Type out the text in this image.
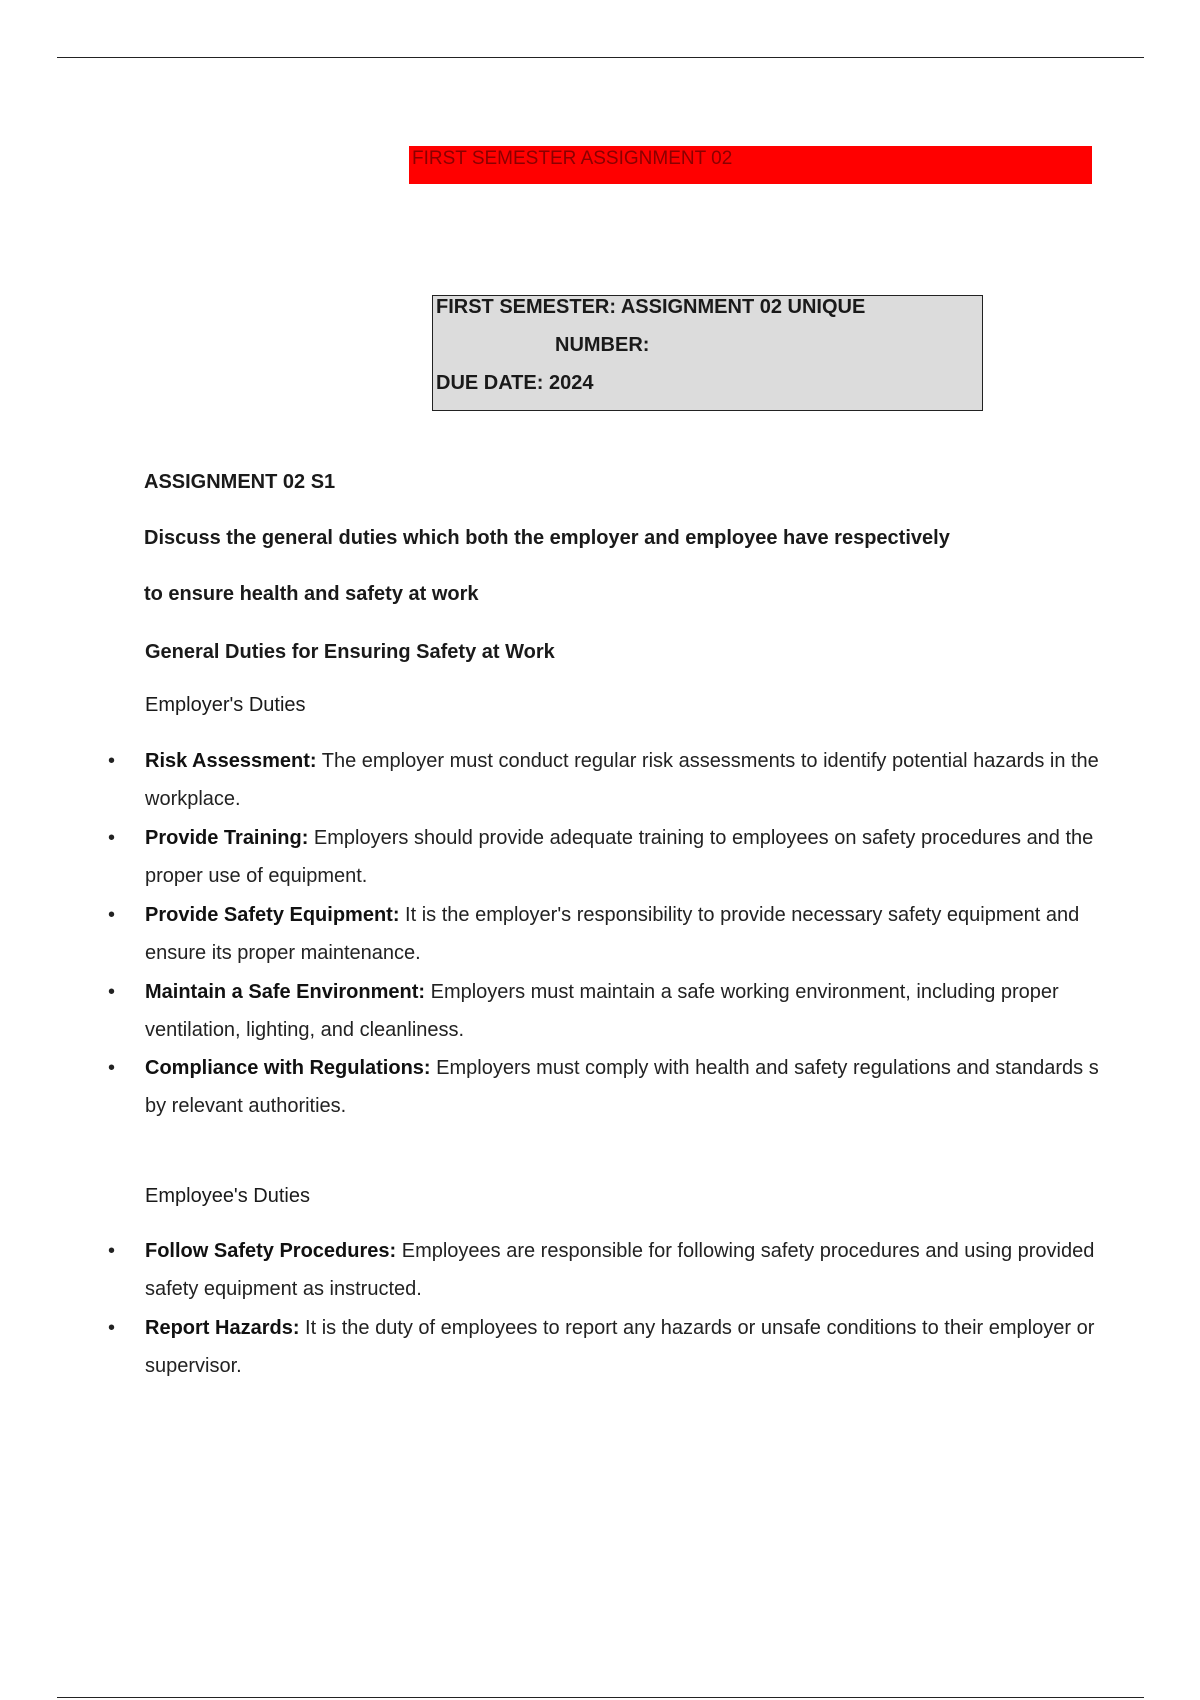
FIRST SEMESTER ASSIGNMENT 02
FIRST SEMESTER: ASSIGNMENT 02 UNIQUE
NUMBER:
DUE DATE: 2024
ASSIGNMENT 02 S1
Discuss the general duties which both the employer and employee have respectively
to ensure health and safety at work
General Duties for Ensuring Safety at Work
Employer's Duties
• Risk Assessment: The employer must conduct regular risk assessments to identify potential hazards in the
workplace.
• Provide Training: Employers should provide adequate training to employees on safety procedures and the
proper use of equipment.
• Provide Safety Equipment: It is the employer's responsibility to provide necessary safety equipment and
ensure its proper maintenance.
• Maintain a Safe Environment: Employers must maintain a safe working environment, including proper
ventilation, lighting, and cleanliness.
• Compliance with Regulations: Employers must comply with health and safety regulations and standards s
by relevant authorities.
Employee's Duties
• Follow Safety Procedures: Employees are responsible for following safety procedures and using provided
safety equipment as instructed.
• Report Hazards: It is the duty of employees to report any hazards or unsafe conditions to their employer or
supervisor.
